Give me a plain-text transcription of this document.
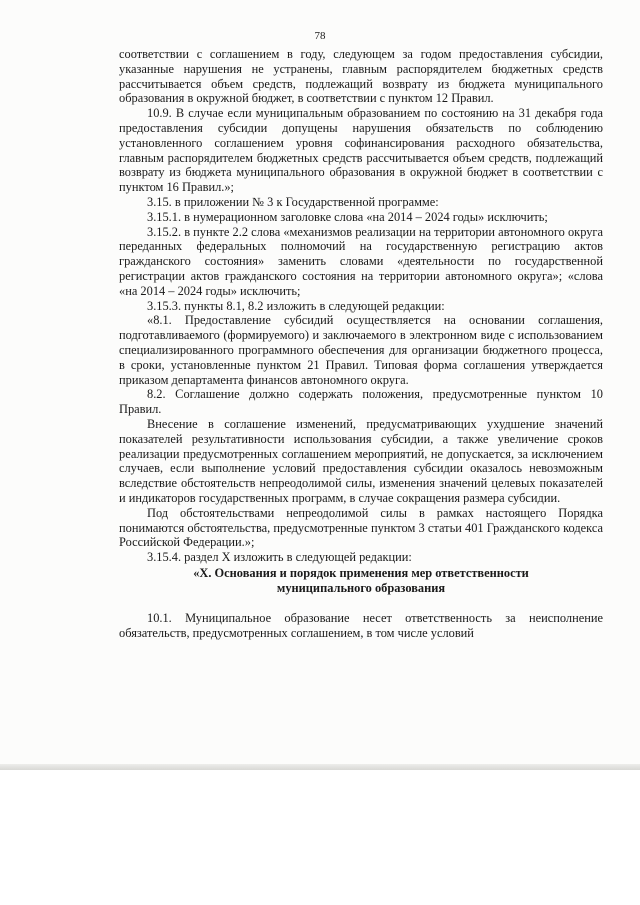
78

соответствии с соглашением в году, следующем за годом предоставления субсидии, указанные нарушения не устранены, главным распорядителем бюджетных средств рассчитывается объем средств, подлежащий возврату из бюджета муниципального образования в окружной бюджет, в соответствии с пунктом 12 Правил.

10.9. В случае если муниципальным образованием по состоянию на 31 декабря года предоставления субсидии допущены нарушения обязательств по соблюдению установленного соглашением уровня софинансирования расходного обязательства, главным распорядителем бюджетных средств рассчитывается объем средств, подлежащий возврату из бюджета муниципального образования в окружной бюджет в соответствии с пунктом 16 Правил.»;

3.15. в приложении № 3 к Государственной программе:

3.15.1. в нумерационном заголовке слова «на 2014 – 2024 годы» исключить;

3.15.2. в пункте 2.2 слова «механизмов реализации на территории автономного округа переданных федеральных полномочий на государственную регистрацию актов гражданского состояния» заменить словами «деятельности по государственной регистрации актов гражданского состояния на территории автономного округа»; «слова «на 2014 – 2024 годы» исключить;

3.15.3. пункты 8.1, 8.2 изложить в следующей редакции:

«8.1. Предоставление субсидий осуществляется на основании соглашения, подготавливаемого (формируемого) и заключаемого в электронном виде с использованием специализированного программного обеспечения для организации бюджетного процесса, в сроки, установленные пунктом 21 Правил. Типовая форма соглашения утверждается приказом департамента финансов автономного округа.

8.2. Соглашение должно содержать положения, предусмотренные пунктом 10 Правил.

Внесение в соглашение изменений, предусматривающих ухудшение значений показателей результативности использования субсидии, а также увеличение сроков реализации предусмотренных соглашением мероприятий, не допускается, за исключением случаев, если выполнение условий предоставления субсидии оказалось невозможным вследствие обстоятельств непреодолимой силы, изменения значений целевых показателей и индикаторов государственных программ, в случае сокращения размера субсидии.

Под обстоятельствами непреодолимой силы в рамках настоящего Порядка понимаются обстоятельства, предусмотренные пунктом 3 статьи 401 Гражданского кодекса Российской Федерации.»;

3.15.4. раздел X изложить в следующей редакции:

«X. Основания и порядок применения мер ответственности
муниципального образования

10.1. Муниципальное образование несет ответственность за неисполнение обязательств, предусмотренных соглашением, в том числе условий
